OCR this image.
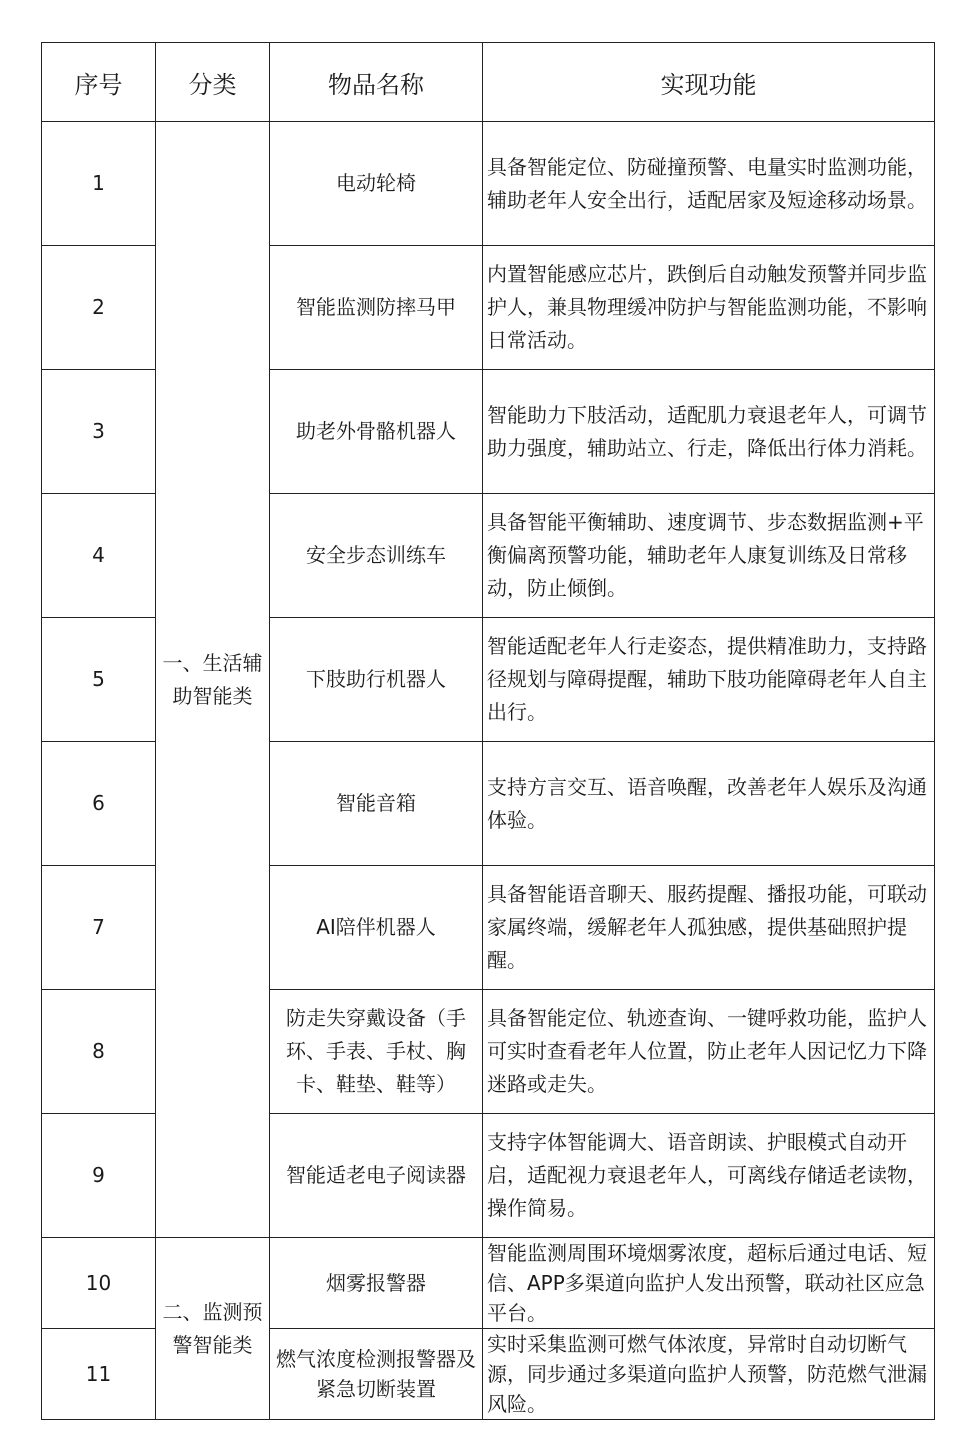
序号	分类	物品名称	实现功能
1	一、生活辅助智能类	电动轮椅	具备智能定位、防碰撞预警、电量实时监测功能，辅助老年人安全出行，适配居家及短途移动场景。
2		智能监测防摔马甲	内置智能感应芯片，跌倒后自动触发预警并同步监护人，兼具物理缓冲防护与智能监测功能，不影响日常活动。
3		助老外骨骼机器人	智能助力下肢活动，适配肌力衰退老年人，可调节助力强度，辅助站立、行走，降低出行体力消耗。
4		安全步态训练车	具备智能平衡辅助、速度调节、步态数据监测+平衡偏离预警功能，辅助老年人康复训练及日常移动，防止倾倒。
5		下肢助行机器人	智能适配老年人行走姿态，提供精准助力，支持路径规划与障碍提醒，辅助下肢功能障碍老年人自主出行。
6		智能音箱	支持方言交互、语音唤醒，改善老年人娱乐及沟通体验。
7		AI陪伴机器人	具备智能语音聊天、服药提醒、播报功能，可联动家属终端，缓解老年人孤独感，提供基础照护提醒。
8		防走失穿戴设备（手环、手表、手杖、胸卡、鞋垫、鞋等）	具备智能定位、轨迹查询、一键呼救功能，监护人可实时查看老年人位置，防止老年人因记忆力下降迷路或走失。
9		智能适老电子阅读器	支持字体智能调大、语音朗读、护眼模式自动开启，适配视力衰退老年人，可离线存储适老读物，操作简易。
10	二、监测预警智能类	烟雾报警器	智能监测周围环境烟雾浓度，超标后通过电话、短信、APP多渠道向监护人发出预警，联动社区应急平台。
11		燃气浓度检测报警器及紧急切断装置	实时采集监测可燃气体浓度，异常时自动切断气源，同步通过多渠道向监护人预警，防范燃气泄漏风险。
